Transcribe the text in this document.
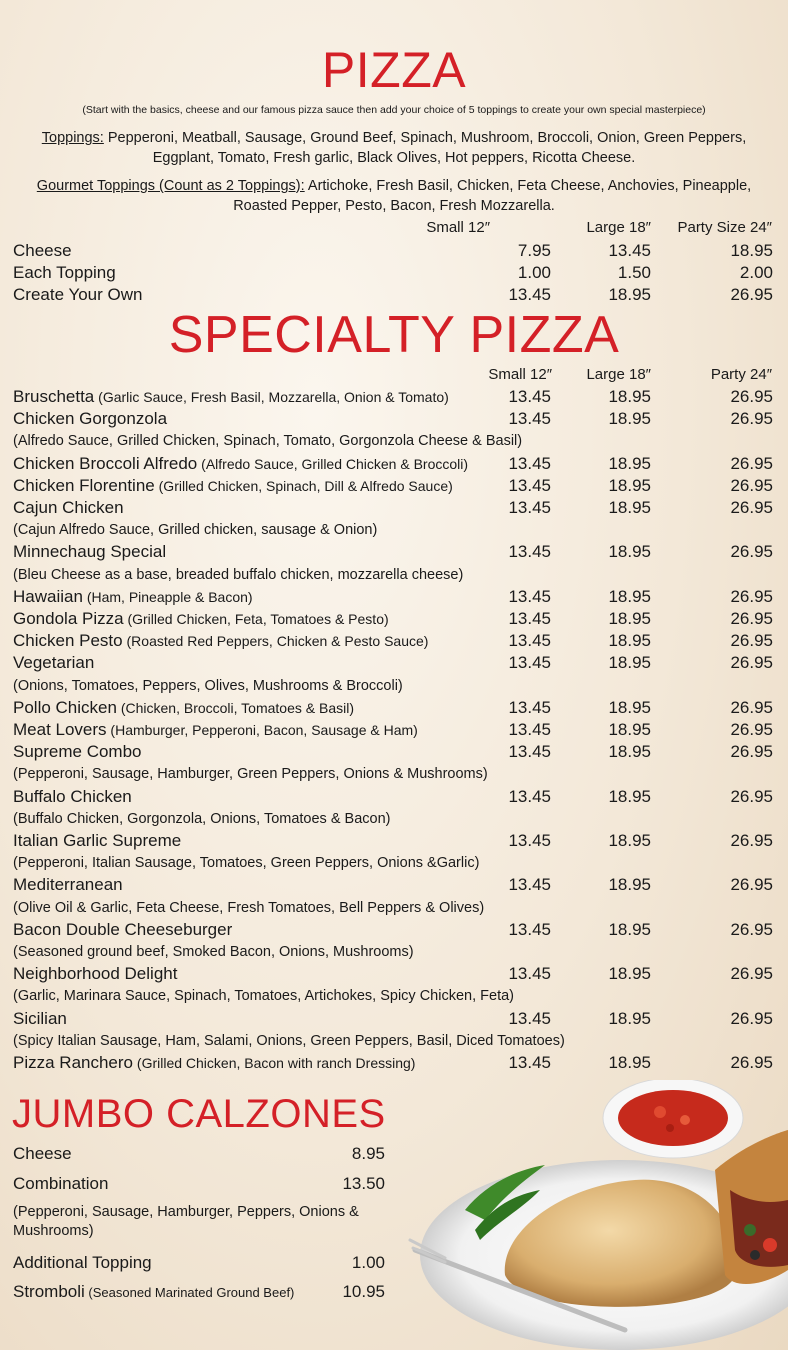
PIZZA
(Start with the basics, cheese and our famous pizza sauce then add your choice of 5 toppings to create your own special masterpiece)
Toppings: Pepperoni, Meatball, Sausage, Ground Beef, Spinach, Mushroom, Broccoli, Onion, Green Peppers, Eggplant, Tomato, Fresh garlic, Black Olives, Hot peppers, Ricotta Cheese.
Gourmet Toppings (Count as 2 Toppings): Artichoke, Fresh Basil, Chicken, Feta Cheese, Anchovies, Pineapple, Roasted Pepper, Pesto, Bacon, Fresh Mozzarella.
Small 12″	Large 18″ Party Size 24″
Cheese	7.95	13.45	18.95
Each Topping	1.00	1.50	2.00
Create Your Own	13.45	18.95	26.95
SPECIALTY PIZZA
Small 12″ Large 18″	Party 24″
Bruschetta (Garlic Sauce, Fresh Basil, Mozzarella, Onion & Tomato)	13.45	18.95	26.95
Chicken Gorgonzola	13.45	18.95	26.95
(Alfredo Sauce, Grilled Chicken, Spinach, Tomato, Gorgonzola Cheese & Basil)
Chicken Broccoli Alfredo (Alfredo Sauce, Grilled Chicken & Broccoli) 13.45	18.95	26.95
Chicken Florentine (Grilled Chicken, Spinach, Dill & Alfredo Sauce)	13.45	18.95	26.95
Cajun Chicken	13.45	18.95	26.95
(Cajun Alfredo Sauce, Grilled chicken, sausage & Onion)
Minnechaug Special	13.45	18.95	26.95
(Bleu Cheese as a base, breaded buffalo chicken, mozzarella cheese)
Hawaiian (Ham, Pineapple & Bacon)	13.45	18.95	26.95
Gondola Pizza (Grilled Chicken, Feta, Tomatoes & Pesto)	13.45	18.95	26.95
Chicken Pesto (Roasted Red Peppers, Chicken & Pesto Sauce)	13.45	18.95	26.95
Vegetarian	13.45	18.95	26.95
(Onions, Tomatoes, Peppers, Olives, Mushrooms & Broccoli)
Pollo Chicken (Chicken, Broccoli, Tomatoes & Basil)	13.45	18.95	26.95
Meat Lovers (Hamburger, Pepperoni, Bacon, Sausage & Ham)	13.45	18.95	26.95
Supreme Combo	13.45	18.95	26.95
(Pepperoni, Sausage, Hamburger, Green Peppers, Onions & Mushrooms)
Buffalo Chicken	13.45	18.95	26.95
(Buffalo Chicken, Gorgonzola, Onions, Tomatoes & Bacon)
Italian Garlic Supreme	13.45	18.95	26.95
(Pepperoni, Italian Sausage, Tomatoes, Green Peppers, Onions &Garlic)
Mediterranean	13.45	18.95	26.95
(Olive Oil & Garlic, Feta Cheese, Fresh Tomatoes, Bell Peppers & Olives)
Bacon Double Cheeseburger	13.45	18.95	26.95
(Seasoned ground beef, Smoked Bacon, Onions, Mushrooms)
Neighborhood Delight	13.45	18.95	26.95
(Garlic, Marinara Sauce, Spinach, Tomatoes, Artichokes, Spicy Chicken, Feta)
Sicilian	13.45	18.95	26.95
(Spicy Italian Sausage, Ham, Salami, Onions, Green Peppers, Basil, Diced Tomatoes)
Pizza Ranchero (Grilled Chicken, Bacon with ranch Dressing)	13.45	18.95	26.95
JUMBO CALZONES
Cheese	8.95
Combination	13.50
(Pepperoni, Sausage, Hamburger, Peppers, Onions & Mushrooms)
Additional Topping	1.00
Stromboli (Seasoned Marinated Ground Beef)	10.95
